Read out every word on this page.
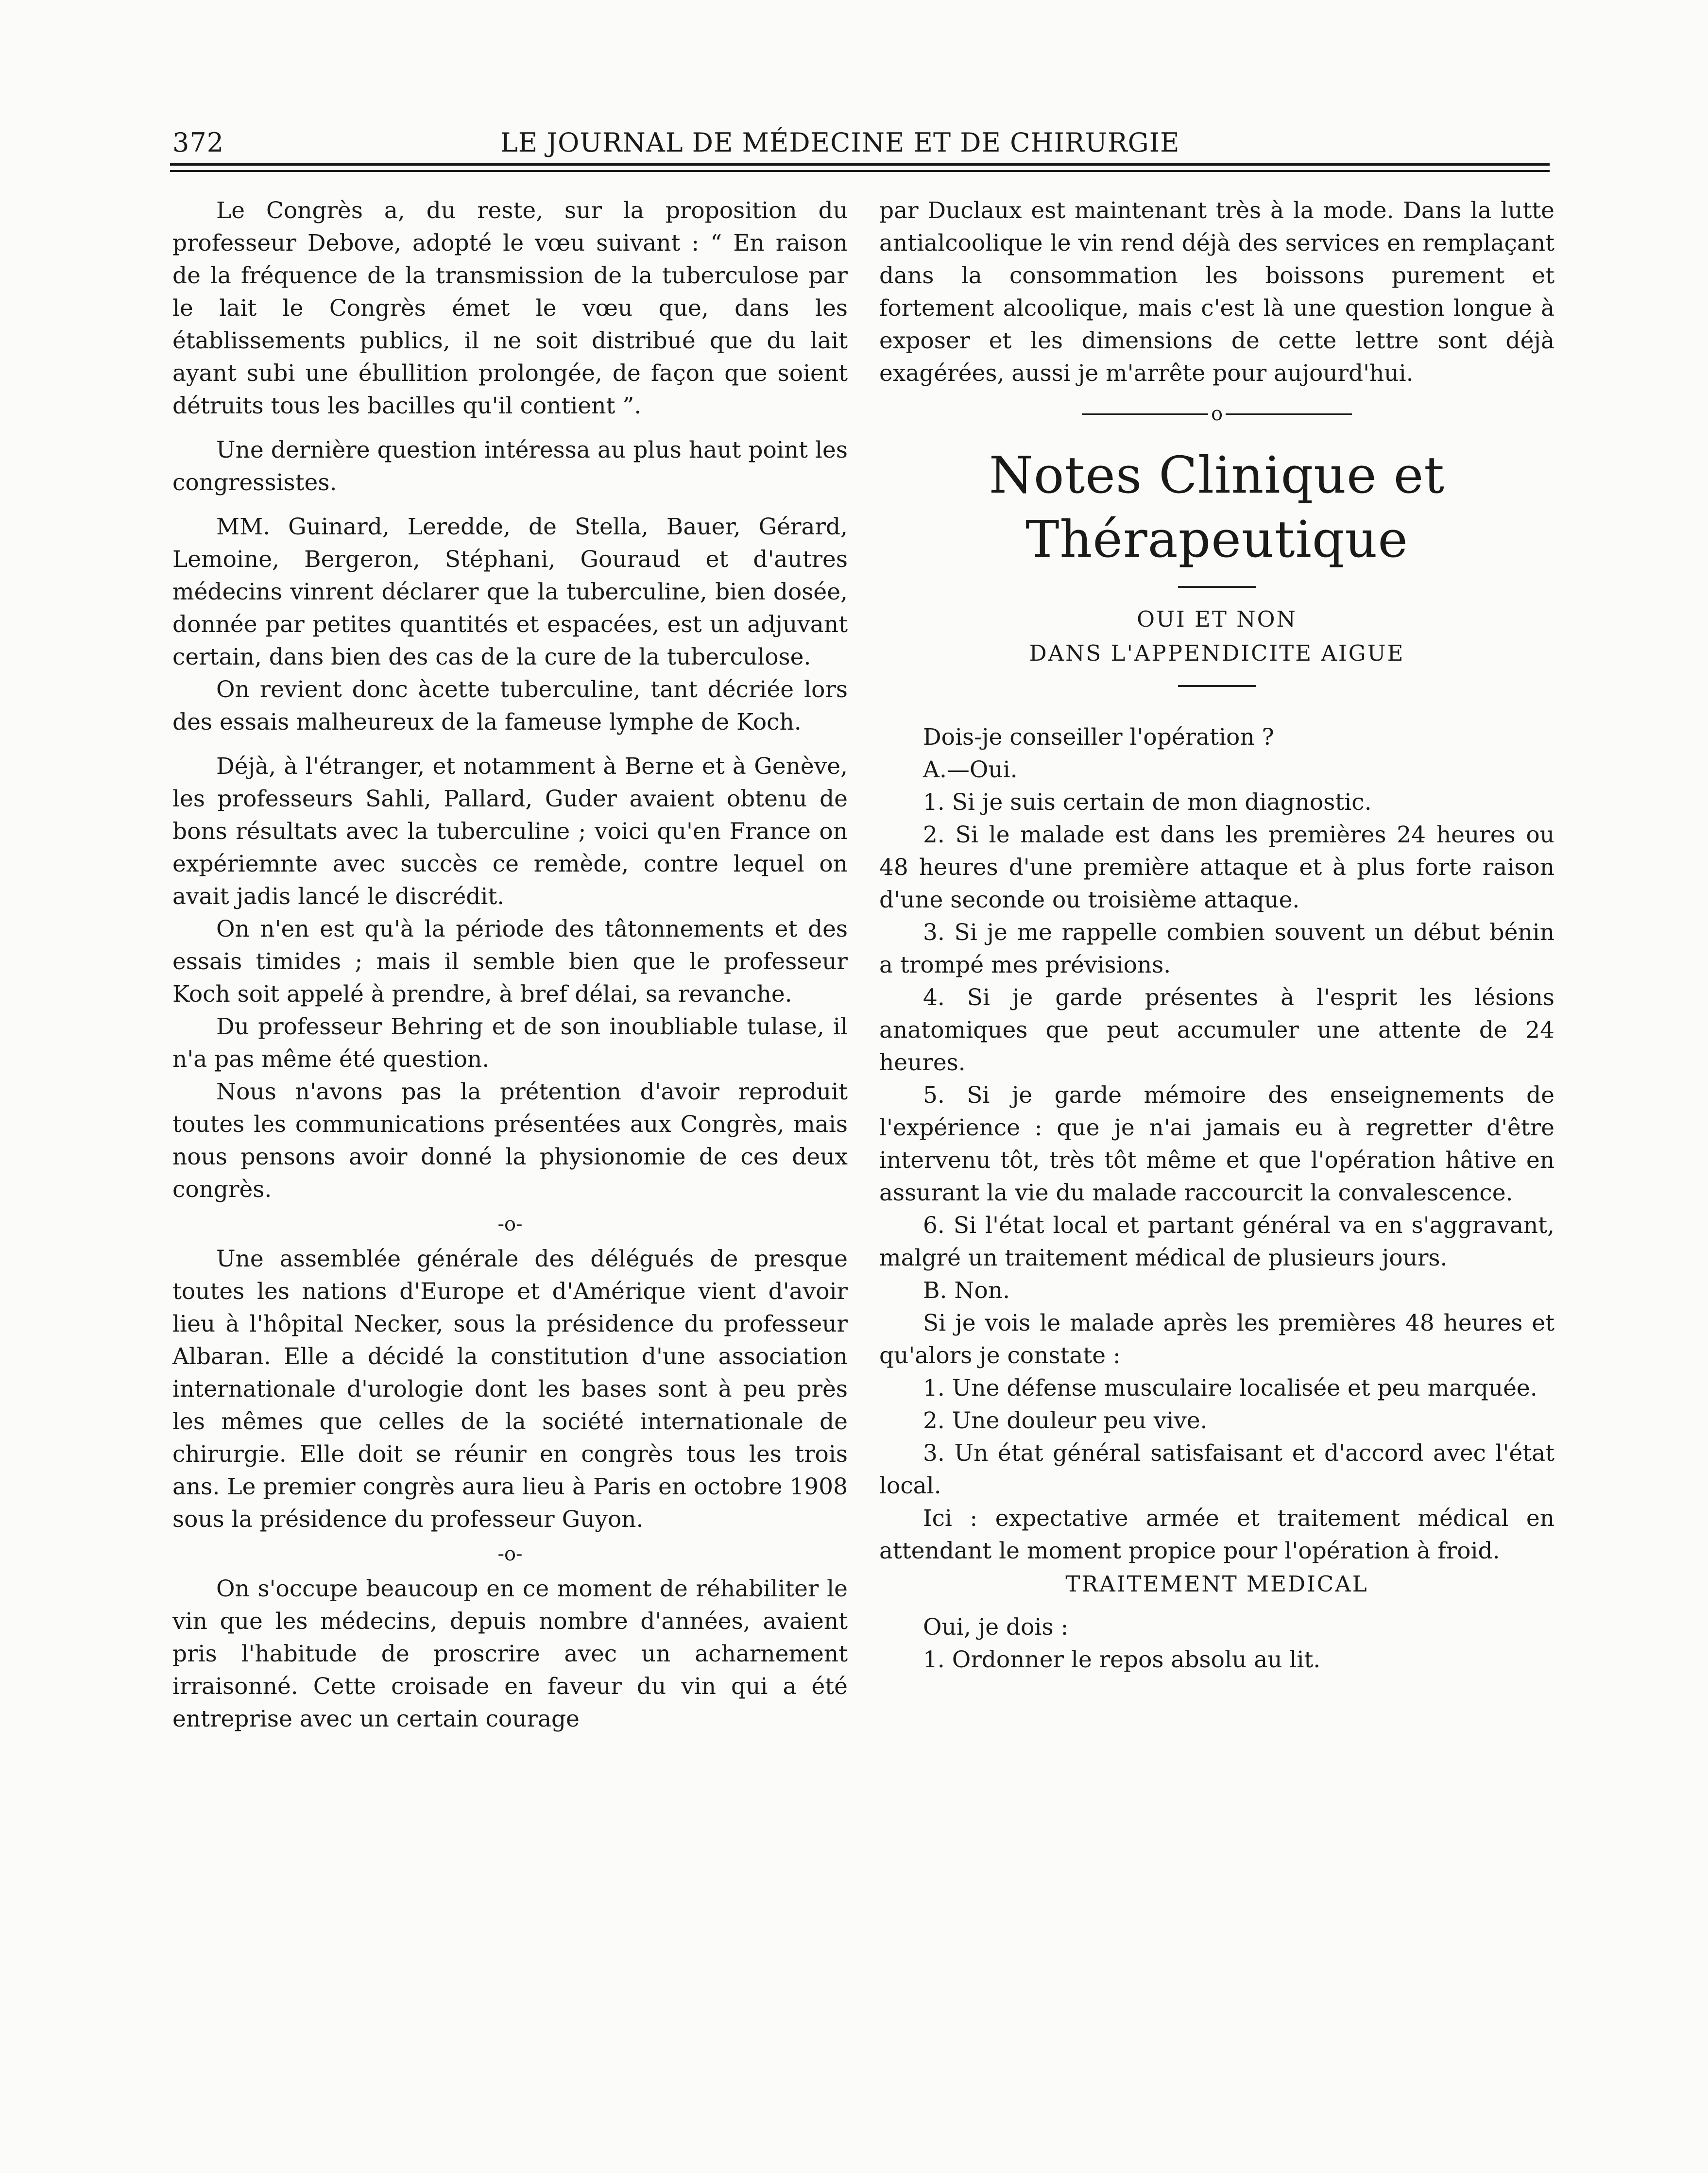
372	LE JOURNAL DE MÉDECINE ET DE CHIRURGIE

Le Congrès a, du reste, sur la proposition du professeur Debove, adopté le vœu suivant : “ En raison de la fréquence de la transmission de la tuberculose par le lait le Congrès émet le vœu que, dans les établissements publics, il ne soit distribué que du lait ayant subi une ébullition prolongée, de façon que soient détruits tous les bacilles qu'il contient ”.

Une dernière question intéressa au plus haut point les congressistes.

MM. Guinard, Leredde, de Stella, Bauer, Gérard, Lemoine, Bergeron, Stéphani, Gouraud et d'autres médecins vinrent déclarer que la tuberculine, bien dosée, donnée par petites quantités et espacées, est un adjuvant certain, dans bien des cas de la cure de la tuberculose.

On revient donc àcette tuberculine, tant décriée lors des essais malheureux de la fameuse lymphe de Koch.

Déjà, à l'étranger, et notamment à Berne et à Genève, les professeurs Sahli, Pallard, Guder avaient obtenu de bons résultats avec la tuberculine ; voici qu'en France on expériemnte avec succès ce remède, contre lequel on avait jadis lancé le discrédit.

On n'en est qu'à la période des tâtonnements et des essais timides ; mais il semble bien que le professeur Koch soit appelé à prendre, à bref délai, sa revanche.

Du professeur Behring et de son inoubliable tulase, il n'a pas même été question.

Nous n'avons pas la prétention d'avoir reproduit toutes les communications présentées aux Congrès, mais nous pensons avoir donné la physionomie de ces deux congrès.

-o-

Une assemblée générale des délégués de presque toutes les nations d'Europe et d'Amérique vient d'avoir lieu à l'hôpital Necker, sous la présidence du professeur Albaran. Elle a décidé la constitution d'une association internationale d'urologie dont les bases sont à peu près les mêmes que celles de la société internationale de chirurgie. Elle doit se réunir en congrès tous les trois ans. Le premier congrès aura lieu à Paris en octobre 1908 sous la présidence du professeur Guyon.

-o-

On s'occupe beaucoup en ce moment de réhabiliter le vin que les médecins, depuis nombre d'années, avaient pris l'habitude de proscrire avec un acharnement irraisonné. Cette croisade en faveur du vin qui a été entreprise avec un certain courage

par Duclaux est maintenant très à la mode. Dans la lutte antialcoolique le vin rend déjà des services en remplaçant dans la consommation les boissons purement et fortement alcoolique, mais c'est là une question longue à exposer et les dimensions de cette lettre sont déjà exagérées, aussi je m'arrête pour aujourd'hui.

o
Notes Clinique et Thérapeutique
OUI ET NON
DANS L'APPENDICITE AIGUE

Dois-je conseiller l'opération ?

A.—Oui.

1. Si je suis certain de mon diagnostic.

2. Si le malade est dans les premières 24 heures ou 48 heures d'une première attaque et à plus forte raison d'une seconde ou troisième attaque.

3. Si je me rappelle combien souvent un début bénin a trompé mes prévisions.

4. Si je garde présentes à l'esprit les lésions anatomiques que peut accumuler une attente de 24 heures.

5. Si je garde mémoire des enseignements de l'expérience : que je n'ai jamais eu à regretter d'être intervenu tôt, très tôt même et que l'opération hâtive en assurant la vie du malade raccourcit la convalescence.

6. Si l'état local et partant général va en s'aggravant, malgré un traitement médical de plusieurs jours.

B. Non.

Si je vois le malade après les premières 48 heures et qu'alors je constate :

1. Une défense musculaire localisée et peu marquée.

2. Une douleur peu vive.

3. Un état général satisfaisant et d'accord avec l'état local.

Ici : expectative armée et traitement médical en attendant le moment propice pour l'opération à froid.

TRAITEMENT MEDICAL

Oui, je dois :

1. Ordonner le repos absolu au lit.
